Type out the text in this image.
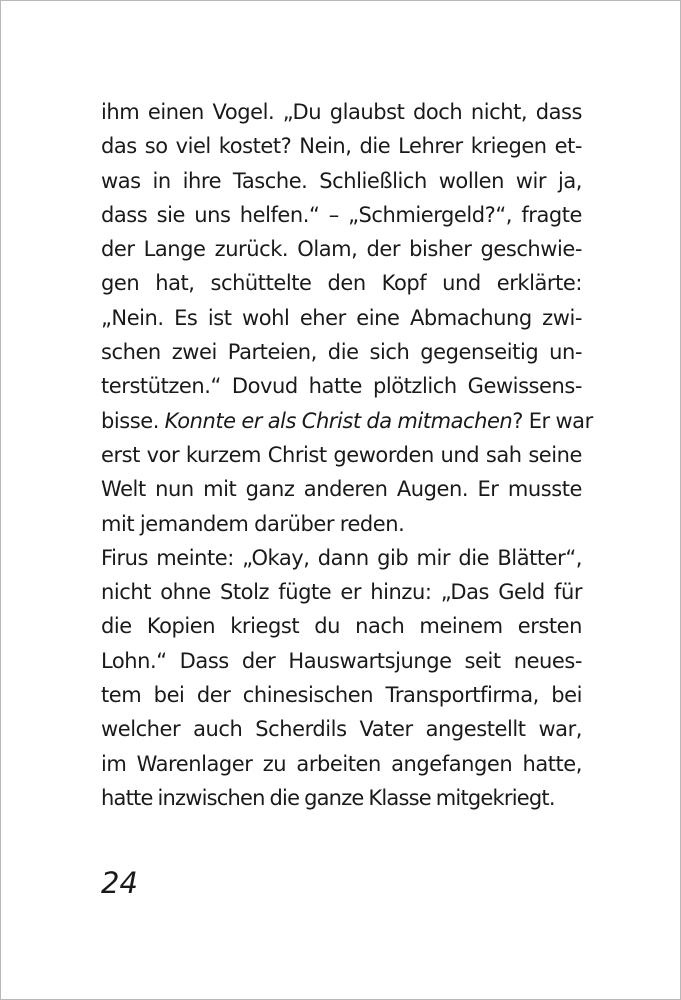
ihm einen Vogel. „Du glaubst doch nicht, dass
das so viel kostet? Nein, die Lehrer kriegen et-
was in ihre Tasche. Schließlich wollen wir ja,
dass sie uns helfen.“ – „Schmiergeld?“, fragte
der Lange zurück. Olam, der bisher geschwie-
gen hat, schüttelte den Kopf und erklärte:
„Nein. Es ist wohl eher eine Abmachung zwi-
schen zwei Parteien, die sich gegenseitig un-
terstützen.“ Dovud hatte plötzlich Gewissens-
bisse. Konnte er als Christ da mitmachen ? Er war
erst vor kurzem Christ geworden und sah seine
Welt nun mit ganz anderen Augen. Er musste
mit jemandem darüber reden.
Firus meinte: „Okay, dann gib mir die Blätter“,
nicht ohne Stolz fügte er hinzu: „Das Geld für
die Kopien kriegst du nach meinem ersten
Lohn.“ Dass der Hauswartsjunge seit neues-
tem bei der chinesischen Transportfirma, bei
welcher auch Scherdils Vater angestellt war,
im Warenlager zu arbeiten angefangen hatte,
hatte inzwischen die ganze Klasse mitgekriegt.
24
